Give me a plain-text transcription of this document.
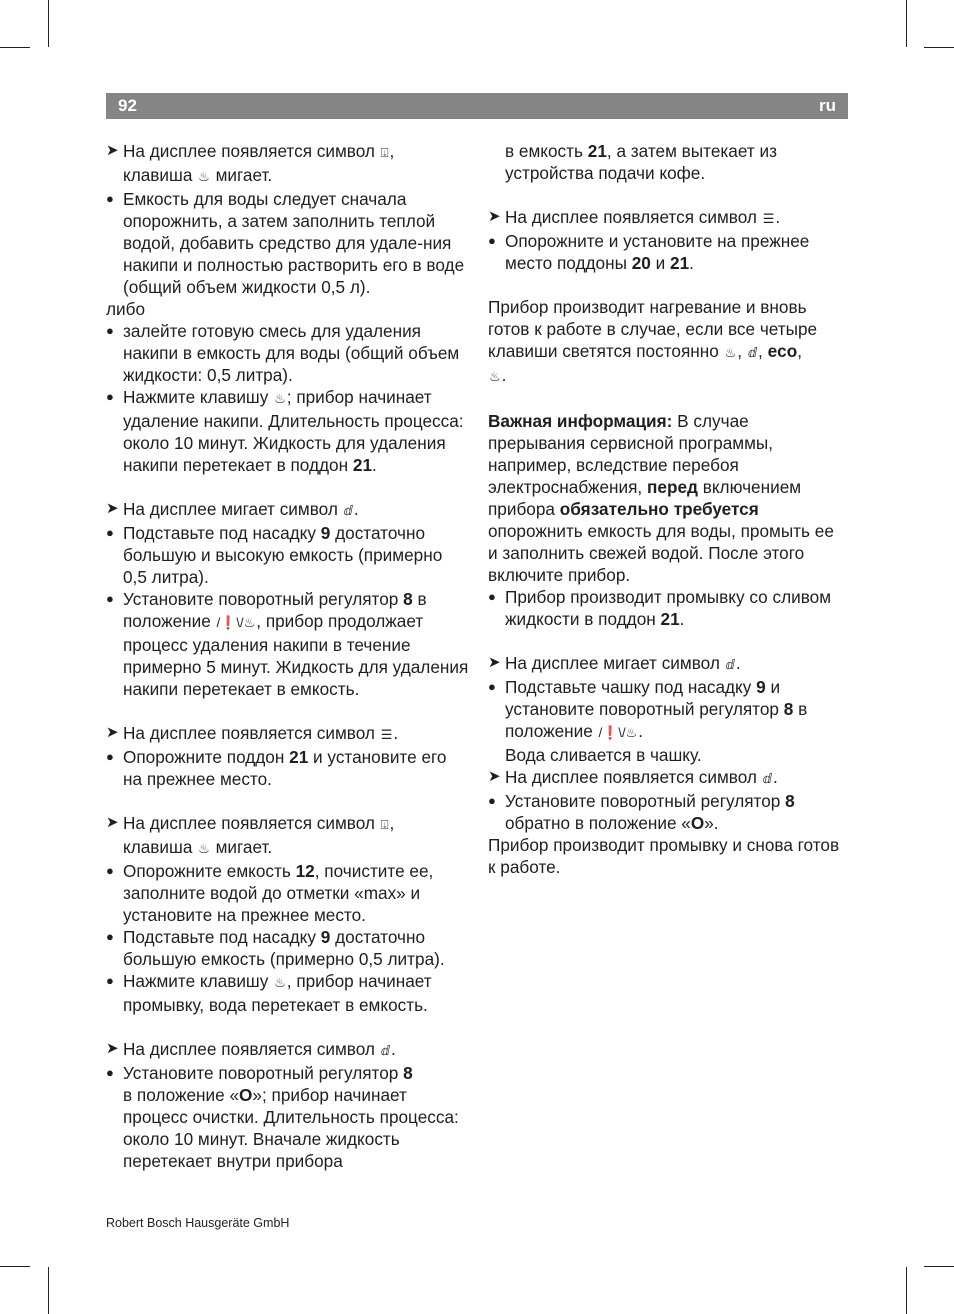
92	ru
➤ На дисплее появляется символ ⍗,
клавиша ♨ мигает.
● Емкость для воды следует сначала опорожнить, а затем заполнить теплой водой, добавить средство для удале-ния накипи и полностью растворить его в воде (общий объем жидкости 0,5 л).
либо
● залейте готовую смесь для удаления накипи в емкость для воды (общий объем жидкости: 0,5 литра).
● Нажмите клавишу ♨; прибор начинает удаление накипи. Длительность процесса: около 10 минут. Жидкость для удаления накипи перетекает в поддон 21.
➤ На дисплее мигает символ ⅆ.
● Подставьте под насадку 9 достаточно большую и высокую емкость (примерно 0,5 литра).
● Установите поворотный регулятор 8 в положение /❗\/♨, прибор продолжает процесс удаления накипи в течение примерно 5 минут. Жидкость для удаления накипи перетекает в емкость.
➤ На дисплее появляется символ ☰.
● Опорожните поддон 21 и установите его на прежнее место.
➤ На дисплее появляется символ ⍗,
клавиша ♨ мигает.
● Опорожните емкость 12, почистите ее, заполните водой до отметки «max» и установите на прежнее место.
● Подставьте под насадку 9 достаточно большую емкость (примерно 0,5 литра).
● Нажмите клавишу ♨, прибор начинает промывку, вода перетекает в емкость.
➤ На дисплее появляется символ ⅆ.
● Установите поворотный регулятор 8
в положение «O»; прибор начинает процесс очистки. Длительность процесса: около 10 минут. Вначале жидкость перетекает внутри прибора
в емкость 21, а затем вытекает из устройства подачи кофе.
➤ На дисплее появляется символ ☰.
● Опорожните и установите на прежнее место поддоны 20 и 21.
Прибор производит нагревание и вновь готов к работе в случае, если все четыре клавиши светятся постоянно ♨, ⅆ, eco,
♨.
Важная информация: В случае прерывания сервисной программы, например, вследствие перебоя электроснабжения, перед включением прибора обязательно требуется опорожнить емкость для воды, промыть ее и заполнить свежей водой. После этого включите прибор.
● Прибор производит промывку со сливом жидкости в поддон 21.
➤ На дисплее мигает символ ⅆ.
● Подставьте чашку под насадку 9 и установите поворотный регулятор 8 в положение /❗\/♨.
Вода сливается в чашку.
➤ На дисплее появляется символ ⅆ.
● Установите поворотный регулятор 8
обратно в положение «O».
Прибор производит промывку и снова готов к работе.
Robert Bosch Hausgeräte GmbH
